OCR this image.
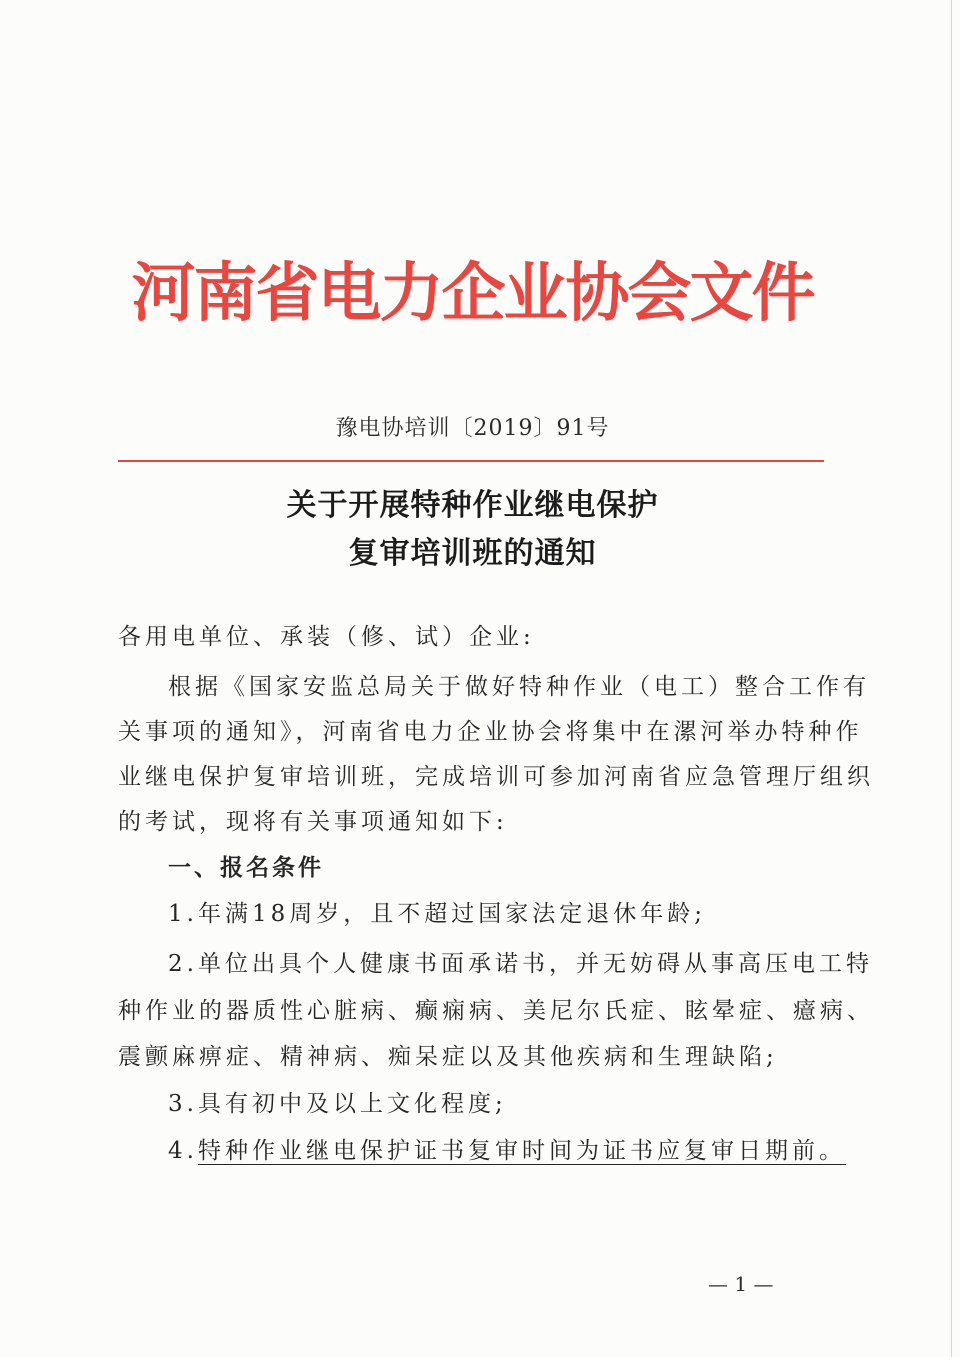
河南省电力企业协会文件
豫电协培训〔2019〕91号
关于开展特种作业继电保护
复审培训班的通知
各用电单位、承装（修、试）企业:
根据《国家安监总局关于做好特种作业（电工）整合工作有
关事项的通知》，河南省电力企业协会将集中在漯河举办特种作
业继电保护复审培训班，完成培训可参加河南省应急管理厅组织
的考试，现将有关事项通知如下:
一、报名条件
1.年满18周岁，且不超过国家法定退休年龄;
2.单位出具个人健康书面承诺书，并无妨碍从事高压电工特
种作业的器质性心脏病、癫痫病、美尼尔氏症、眩晕症、癔病、
震颤麻痹症、精神病、痴呆症以及其他疾病和生理缺陷;
3.具有初中及以上文化程度;
4.特种作业继电保护证书复审时间为证书应复审日期前。
— 1 —
